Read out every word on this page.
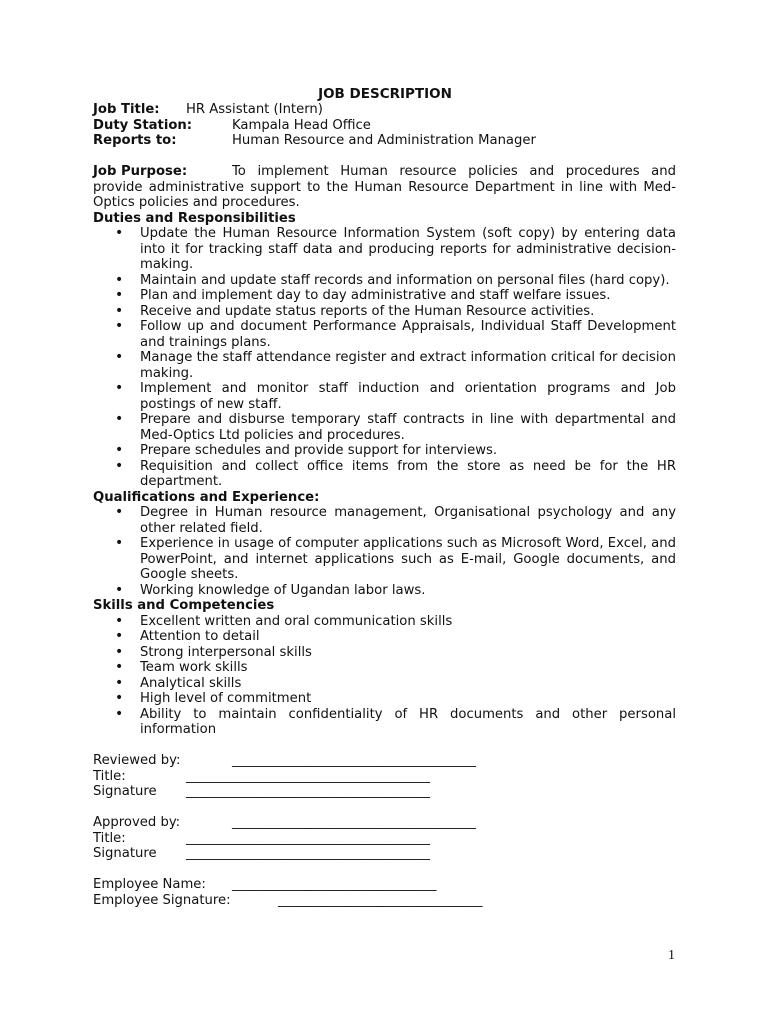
JOB DESCRIPTION
Job Title: HR Assistant (Intern)
Duty Station:	Kampala Head Office
Reports to:	Human Resource and Administration Manager
Job Purpose:	To implement Human resource policies and procedures and provide administrative support to the Human Resource Department in line with Med-Optics policies and procedures.
Duties and Responsibilities
• Update the Human Resource Information System (soft copy) by entering data into it for tracking staff data and producing reports for administrative decision-making.
• Maintain and update staff records and information on personal files (hard copy).
• Plan and implement day to day administrative and staff welfare issues.
• Receive and update status reports of the Human Resource activities.
• Follow up and document Performance Appraisals, Individual Staff Development and trainings plans.
• Manage the staff attendance register and extract information critical for decision making.
• Implement and monitor staff induction and orientation programs and Job postings of new staff.
• Prepare and disburse temporary staff contracts in line with departmental and Med-Optics Ltd policies and procedures.
• Prepare schedules and provide support for interviews.
• Requisition and collect office items from the store as need be for the HR department.
Qualifications and Experience:
• Degree in Human resource management, Organisational psychology and any other related field.
• Experience in usage of computer applications such as Microsoft Word, Excel, and PowerPoint, and internet applications such as E-mail, Google documents, and Google sheets.
• Working knowledge of Ugandan labor laws.
Skills and Competencies
• Excellent written and oral communication skills
• Attention to detail
• Strong interpersonal skills
• Team work skills
• Analytical skills
• High level of commitment
• Ability to maintain confidentiality of HR documents and other personal information
Reviewed by:	_____________________________________
Title:	_____________________________________
Signature _____________________________________
Approved by:	_____________________________________
Title:	_____________________________________
Signature _____________________________________
Employee Name: _______________________________
Employee Signature:	_______________________________
1
